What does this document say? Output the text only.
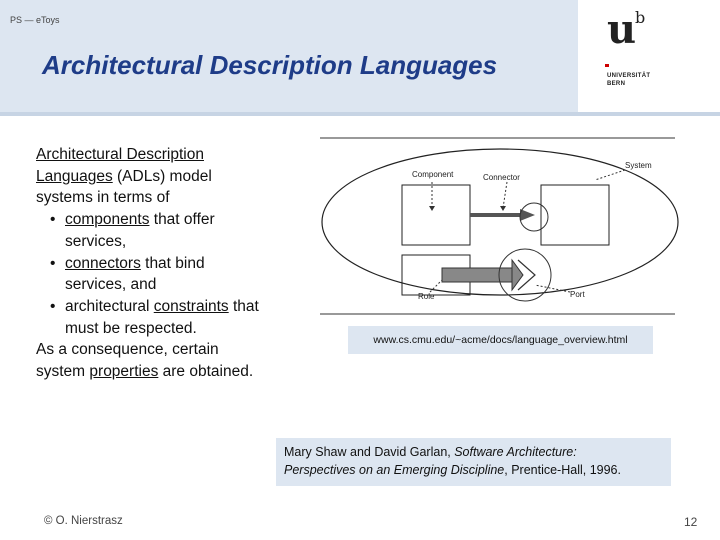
PS — eToys
Architectural Description Languages
u
b
UNIVERSITÄT
BERN
Architectural Description Languages (ADLs) model systems in terms of
• components that offer services,
• connectors that bind services, and
• architectural constraints that must be respected.
As a consequence, certain system properties are obtained.
System
Component	Connector
Role	Port
www.cs.cmu.edu/~acme/docs/language_overview.html
Mary Shaw and David Garlan, Software Architecture:
Perspectives on an Emerging Discipline, Prentice-Hall, 1996.
© O. Nierstrasz	12
